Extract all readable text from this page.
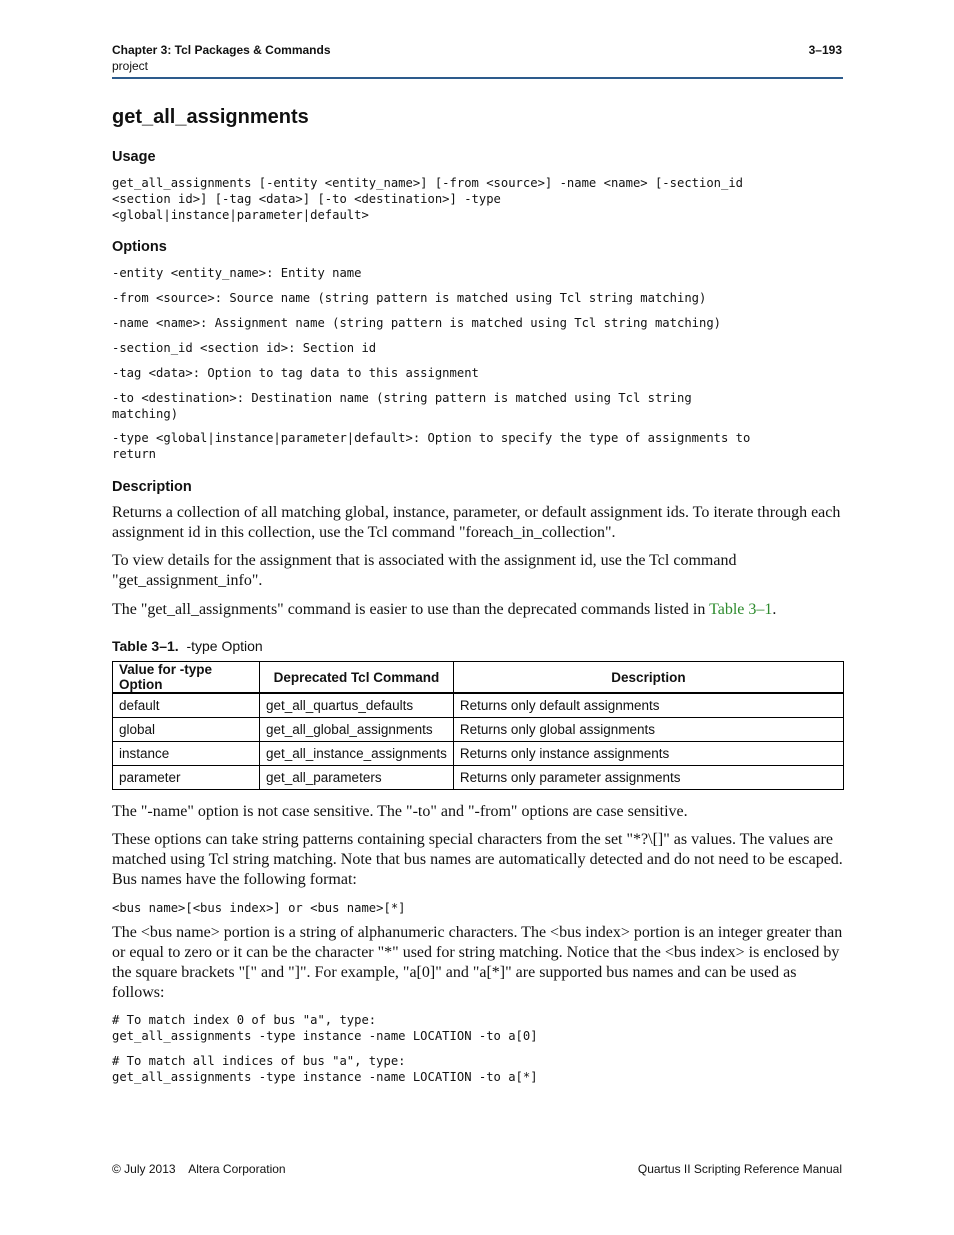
Chapter 3: Tcl Packages & Commands
project
3–193
get_all_assignments
Usage
get_all_assignments [-entity <entity_name>] [-from <source>] -name <name> [-section_id
<section id>] [-tag <data>] [-to <destination>] -type
<global|instance|parameter|default>
Options
-entity <entity_name>: Entity name
-from <source>: Source name (string pattern is matched using Tcl string matching)
-name <name>: Assignment name (string pattern is matched using Tcl string matching)
-section_id <section id>: Section id
-tag <data>: Option to tag data to this assignment
-to <destination>: Destination name (string pattern is matched using Tcl string
matching)
-type <global|instance|parameter|default>: Option to specify the type of assignments to
return
Description
Returns a collection of all matching global, instance, parameter, or default assignment ids. To iterate through each assignment id in this collection, use the Tcl command "foreach_in_collection".
To view details for the assignment that is associated with the assignment id, use the Tcl command "get_assignment_info".
The "get_all_assignments" command is easier to use than the deprecated commands listed in Table 3–1.
Table 3–1. -type Option
Value for -type Option	Deprecated Tcl Command	Description
default	get_all_quartus_defaults	Returns only default assignments
global	get_all_global_assignments	Returns only global assignments
instance	get_all_instance_assignments	Returns only instance assignments
parameter	get_all_parameters	Returns only parameter assignments
The "-name" option is not case sensitive. The "-to" and "-from" options are case sensitive.
These options can take string patterns containing special characters from the set "*?\[]" as values. The values are matched using Tcl string matching. Note that bus names are automatically detected and do not need to be escaped. Bus names have the following format:
<bus name>[<bus index>] or <bus name>[*]
The <bus name> portion is a string of alphanumeric characters. The <bus index> portion is an integer greater than or equal to zero or it can be the character "*" used for string matching. Notice that the <bus index> is enclosed by the square brackets "[" and "]". For example, "a[0]" and "a[*]" are supported bus names and can be used as follows:
# To match index 0 of bus "a", type:
get_all_assignments -type instance -name LOCATION -to a[0]
# To match all indices of bus "a", type:
get_all_assignments -type instance -name LOCATION -to a[*]
© July 2013    Altera Corporation	Quartus II Scripting Reference Manual
